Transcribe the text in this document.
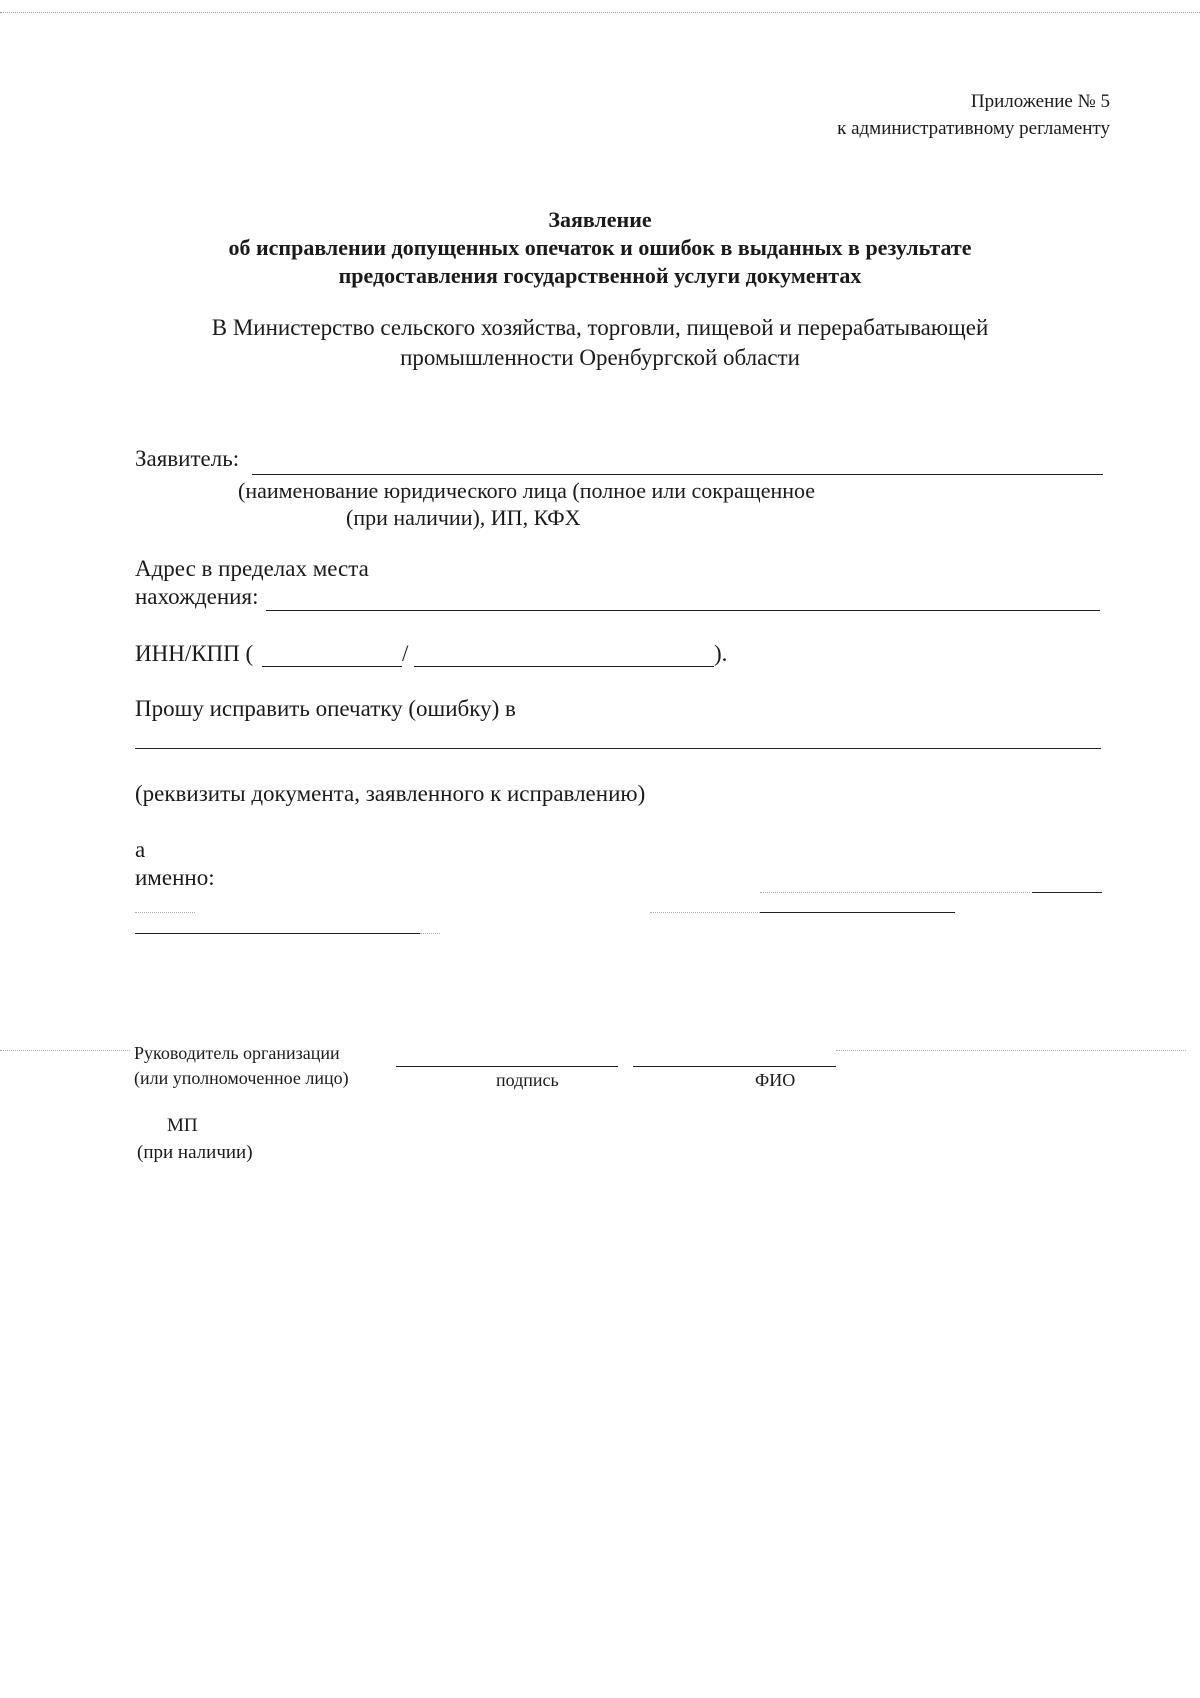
Приложение № 5
к административному регламенту
Заявление
об исправлении допущенных опечаток и ошибок в выданных в результате
предоставления государственной услуги документах
В Министерство сельского хозяйства, торговли, пищевой и перерабатывающей
промышленности Оренбургской области
Заявитель:
(наименование юридического лица (полное или сокращенное
(при наличии), ИП, КФХ
Адрес в пределах места
нахождения:
ИНН/КПП (	/	).
Прошу исправить опечатку (ошибку) в
(реквизиты документа, заявленного к исправлению)
а
именно:
Руководитель организации
(или уполномоченное лицо)	подпись	ФИО
МП
(при наличии)
